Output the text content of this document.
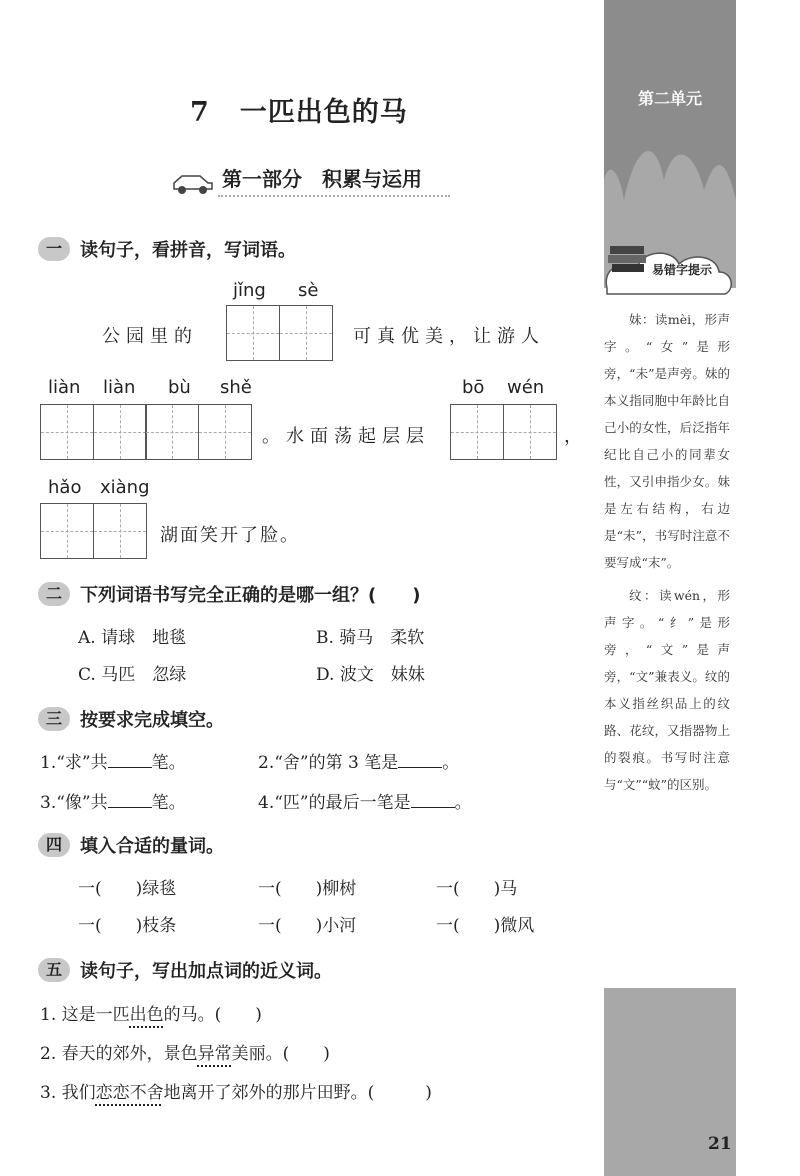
第二单元
妹：读mèi，形声字。“女”是形旁，“未”是声旁。妹的本义指同胞中年龄比自己小的女性，后泛指年纪比自己小的同辈女性，又引申指少女。妹是左右结构，右边是“未”，书写时注意不要写成“末”。
纹：读wén，形声字。“纟”是形旁，“文”是声旁，“文”兼表义。纹的本义指丝织品上的纹路、花纹，又指器物上的裂痕。书写时注意与“文”“蚊”的区别。
易错字提示
21
7 一匹出色的马
第一部分　积累与运用
一	读句子，看拼音，写词语。
jǐng sè
公园里的	可真优美，让游人
liàn liàn bù shě
。水面荡起层层
bō wén
，
hǎo xiàng
湖面笑开了脸。
二	下列词语书写完全正确的是哪一组？(　　)
A. 请球　地毯	B. 骑马　柔软
C. 马匹　忽绿	D. 波文　妹妹
三	按要求完成填空。
1.“求”共	笔。	2.“舍”的第 3 笔是	。
3.“像”共	笔。	4.“匹”的最后一笔是	。
四	填入合适的量词。
一(　　)绿毯	一(　　)柳树	一(　　)马
一(　　)枝条	一(　　)小河	一(　　)微风
五	读句子，写出加点词的近义词。
1. 这是一匹出色的马。(　　)
2. 春天的郊外，景色异常美丽。(　　)
3. 我们恋恋不舍地离开了郊外的那片田野。(　　　)
